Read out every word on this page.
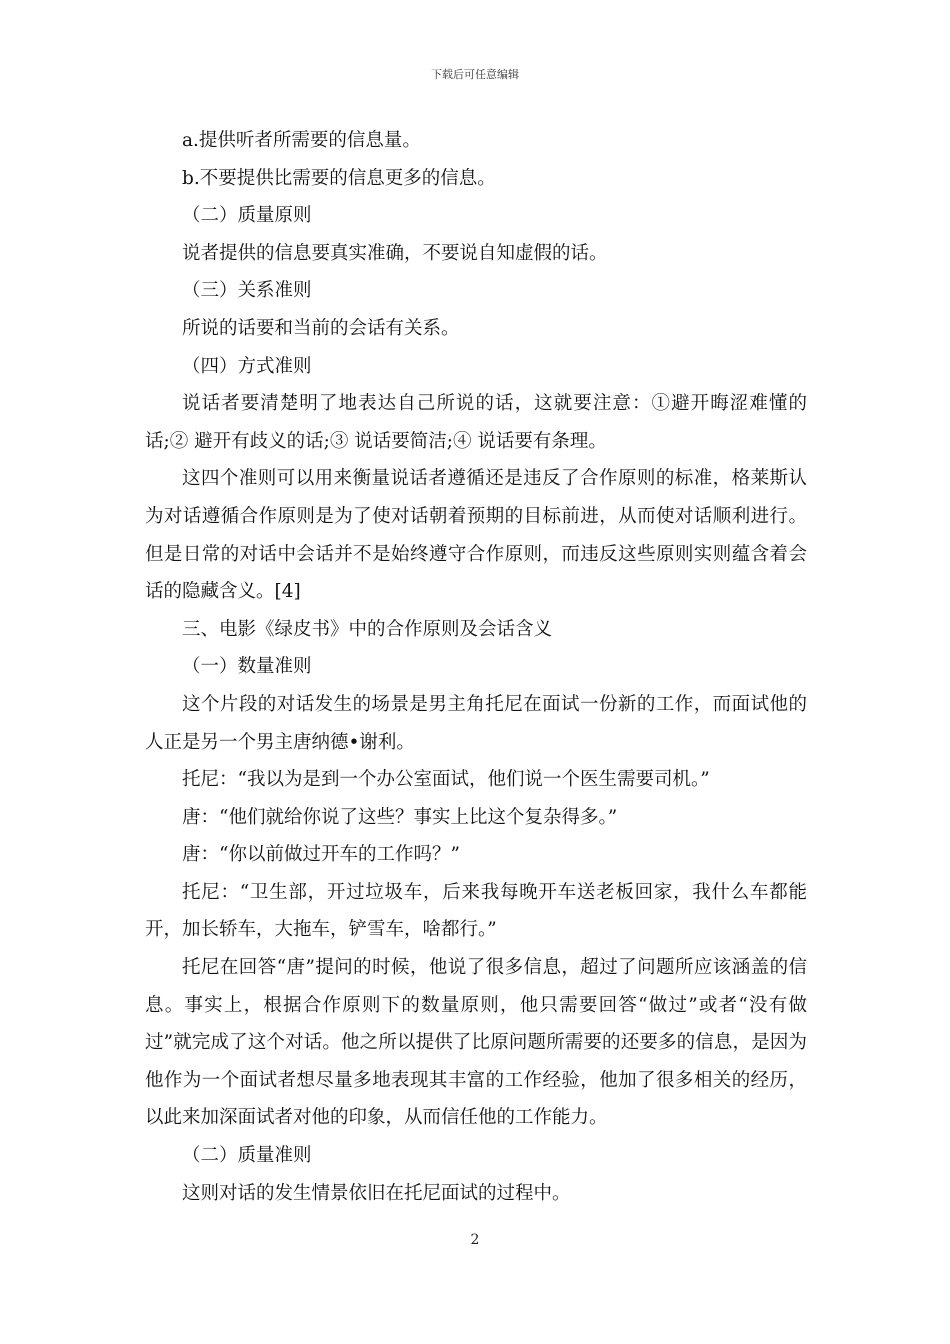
下载后可任意编辑
a.提供听者所需要的信息量。
b.不要提供比需要的信息更多的信息。
（二）质量原则
说者提供的信息要真实准确，不要说自知虚假的话。
（三）关系准则
所说的话要和当前的会话有关系。
（四）方式准则
说话者要清楚明了地表达自己所说的话，这就要注意：①避开晦涩难懂的话;② 避开有歧义的话;③ 说话要简洁;④ 说话要有条理。
这四个准则可以用来衡量说话者遵循还是违反了合作原则的标准，格莱斯认为对话遵循合作原则是为了使对话朝着预期的目标前进，从而使对话顺利进行。但是日常的对话中会话并不是始终遵守合作原则，而违反这些原则实则蕴含着会话的隐藏含义。[4]
三、电影《绿皮书》中的合作原则及会话含义
（一）数量准则
这个片段的对话发生的场景是男主角托尼在面试一份新的工作，而面试他的人正是另一个男主唐纳德•谢利。
托尼：“我以为是到一个办公室面试，他们说一个医生需要司机。”
唐：“他们就给你说了这些？事实上比这个复杂得多。”
唐：“你以前做过开车的工作吗？”
托尼：“卫生部，开过垃圾车，后来我每晚开车送老板回家，我什么车都能开，加长轿车，大拖车，铲雪车，啥都行。”
托尼在回答“唐”提问的时候，他说了很多信息，超过了问题所应该涵盖的信息。事实上，根据合作原则下的数量原则，他只需要回答“做过”或者“没有做过”就完成了这个对话。他之所以提供了比原问题所需要的还要多的信息，是因为他作为一个面试者想尽量多地表现其丰富的工作经验，他加了很多相关的经历，以此来加深面试者对他的印象，从而信任他的工作能力。
（二）质量准则
这则对话的发生情景依旧在托尼面试的过程中。
2
